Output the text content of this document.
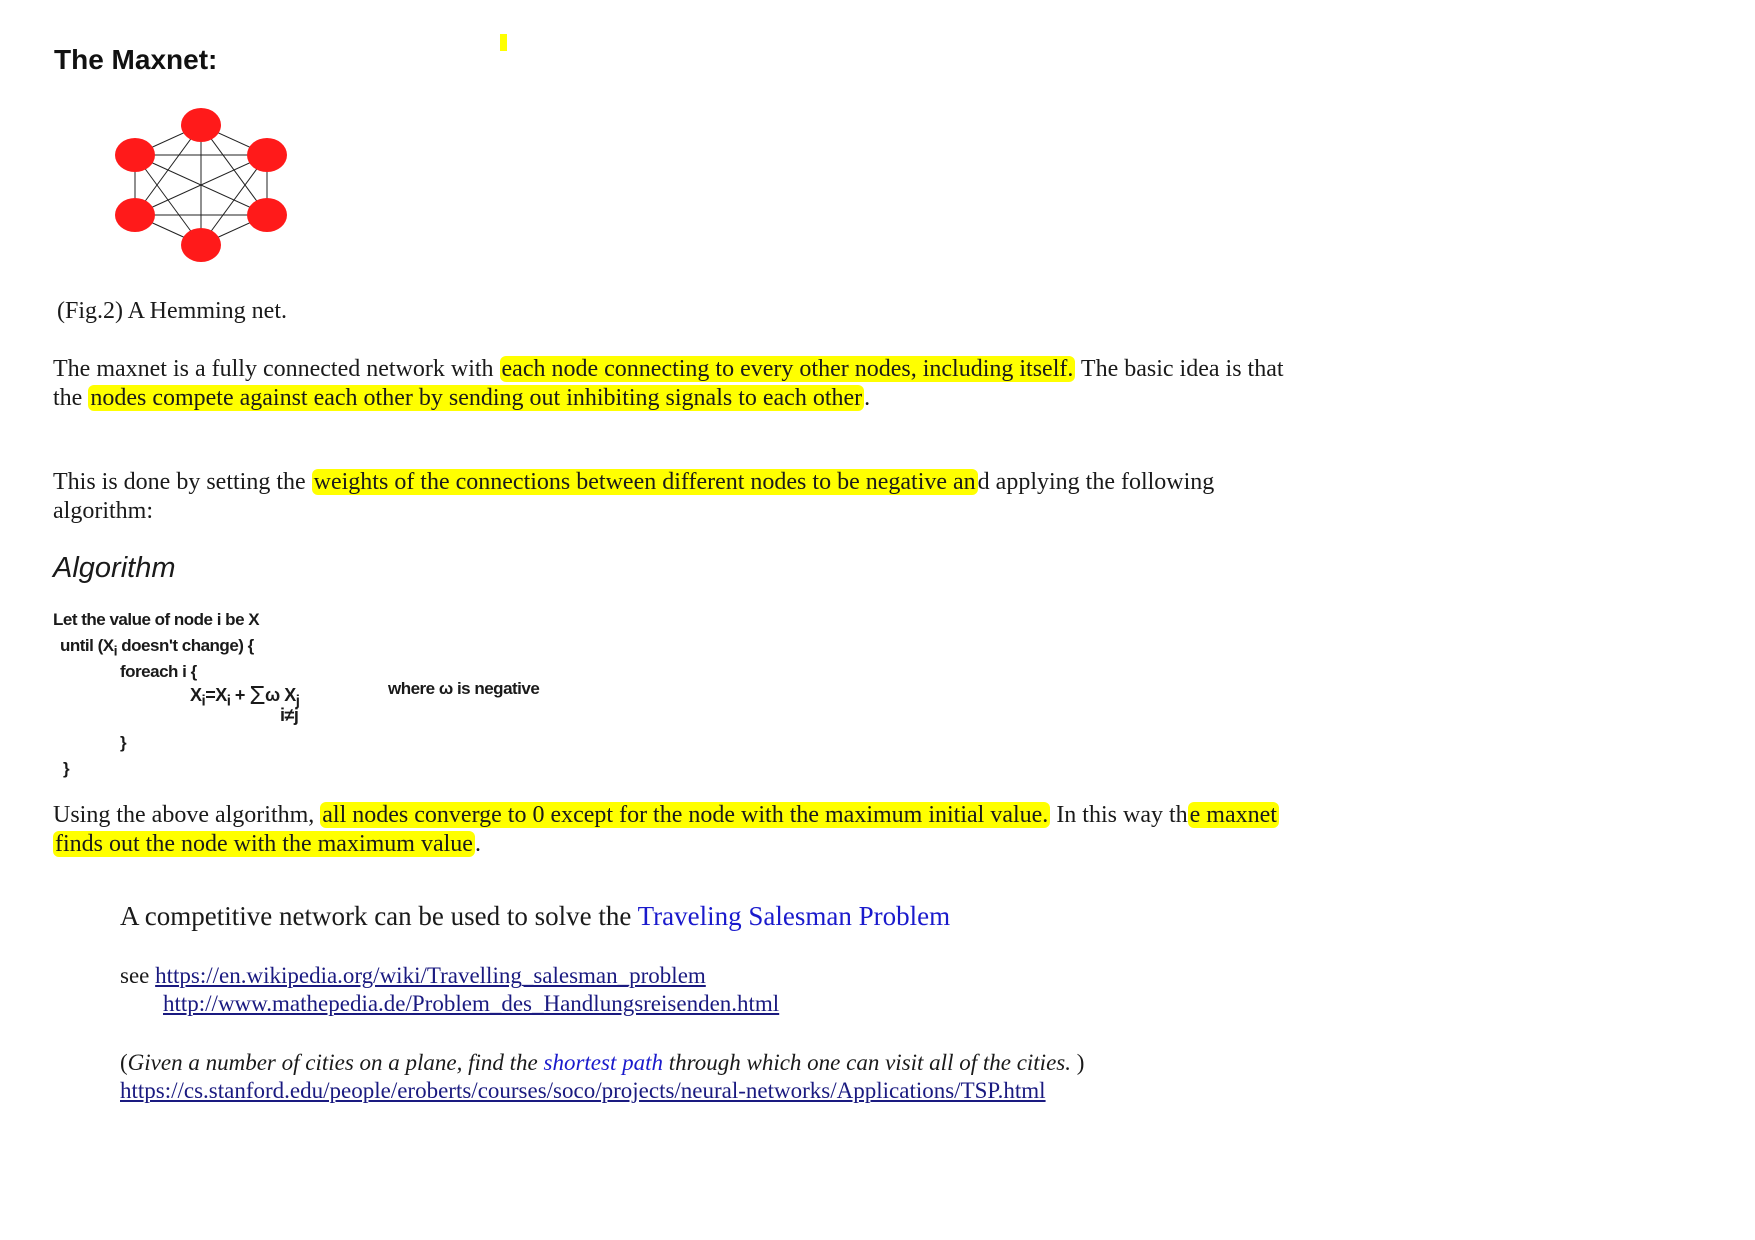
The Maxnet:
(Fig.2) A Hemming net.
The maxnet is a fully connected network with each node connecting to every other nodes, including itself. The basic idea is that the nodes compete against each other by sending out inhibiting signals to each other.
This is done by setting the weights of the connections between different nodes to be negative and applying the following algorithm:
Algorithm
Let the value of node i be X
until ($X_i$ doesn't change) {
foreach i {
$X_i=X_i + \Sigma\omega$ $X_j$
i≠j
where ω is negative
}
}
Using the above algorithm, all nodes converge to 0 except for the node with the maximum initial value. In this way the maxnet finds out the node with the maximum value.
A competitive network can be used to solve the Traveling Salesman Problem
see https://en.wikipedia.org/wiki/Travelling_salesman_problem
http://www.mathepedia.de/Problem_des_Handlungsreisenden.html
(Given a number of cities on a plane, find the shortest path through which one can visit all of the cities. )
https://cs.stanford.edu/people/eroberts/courses/soco/projects/neural-networks/Applications/TSP.html
